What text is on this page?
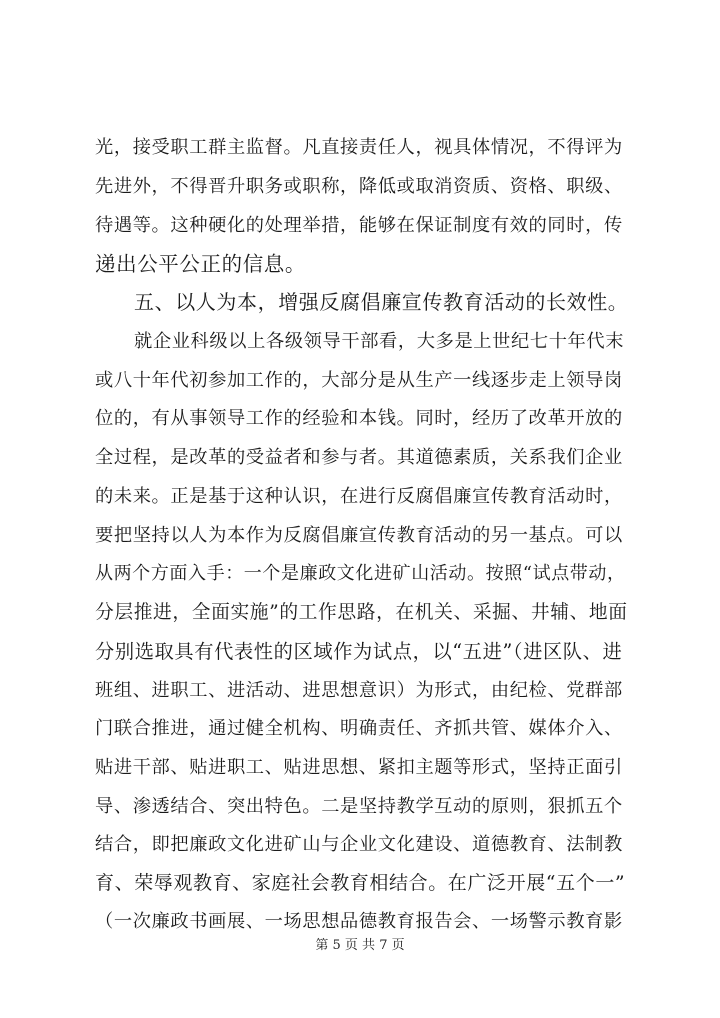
光，接受职工群主监督。凡直接责任人，视具体情况，不得评为
先进外，不得晋升职务或职称，降低或取消资质、资格、职级、
待遇等。这种硬化的处理举措，能够在保证制度有效的同时，传
递出公平公正的信息。
五、以人为本，增强反腐倡廉宣传教育活动的长效性。
就企业科级以上各级领导干部看，大多是上世纪七十年代末
或八十年代初参加工作的，大部分是从生产一线逐步走上领导岗
位的，有从事领导工作的经验和本钱。同时，经历了改革开放的
全过程，是改革的受益者和参与者。其道德素质，关系我们企业
的未来。正是基于这种认识，在进行反腐倡廉宣传教育活动时，
要把坚持以人为本作为反腐倡廉宣传教育活动的另一基点。可以
从两个方面入手：一个是廉政文化进矿山活动。按照“试点带动，
分层推进，全面实施”的工作思路，在机关、采掘、井辅、地面
分别选取具有代表性的区域作为试点，以“五进”（进区队、进
班组、进职工、进活动、进思想意识）为形式，由纪检、党群部
门联合推进，通过健全机构、明确责任、齐抓共管、媒体介入、
贴进干部、贴进职工、贴进思想、紧扣主题等形式，坚持正面引
导、渗透结合、突出特色。二是坚持教学互动的原则，狠抓五个
结合，即把廉政文化进矿山与企业文化建设、道德教育、法制教
育、荣辱观教育、家庭社会教育相结合。在广泛开展“五个一”
（一次廉政书画展、一场思想品德教育报告会、一场警示教育影
第 5 页 共 7 页
